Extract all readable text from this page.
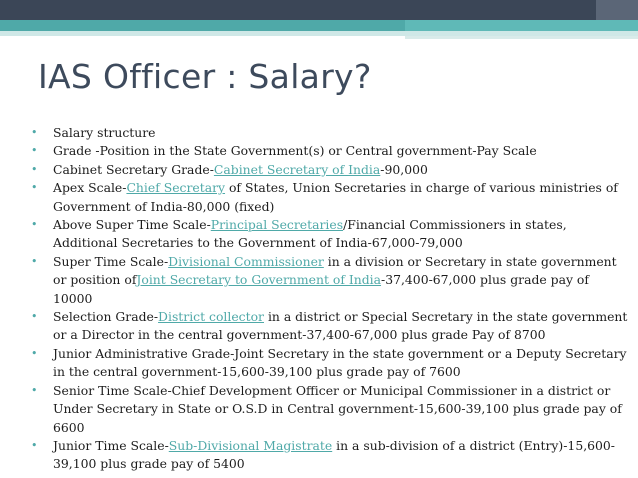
IAS Officer : Salary?
• Salary structure
• Grade -Position in the State Government(s) or Central government-Pay Scale
• Cabinet Secretary Grade-Cabinet Secretary of India-90,000
• Apex Scale-Chief Secretary of States, Union Secretaries in charge of various ministries of Government of India-80,000 (fixed)
• Above Super Time Scale-Principal Secretaries/Financial Commissioners in states, Additional Secretaries to the Government of India-67,000-79,000
• Super Time Scale-Divisional Commissioner in a division or Secretary in state government or position ofJoint Secretary to Government of India-37,400-67,000 plus grade pay of 10000
• Selection Grade-District collector in a district or Special Secretary in the state government or a Director in the central government-37,400-67,000 plus grade Pay of 8700
• Junior Administrative Grade-Joint Secretary in the state government or a Deputy Secretary in the central government-15,600-39,100 plus grade pay of 7600
• Senior Time Scale-Chief Development Officer or Municipal Commissioner in a district or Under Secretary in State or O.S.D in Central government-15,600-39,100 plus grade pay of 6600
• Junior Time Scale-Sub-Divisional Magistrate in a sub-division of a district (Entry)-15,600-39,100 plus grade pay of 5400
